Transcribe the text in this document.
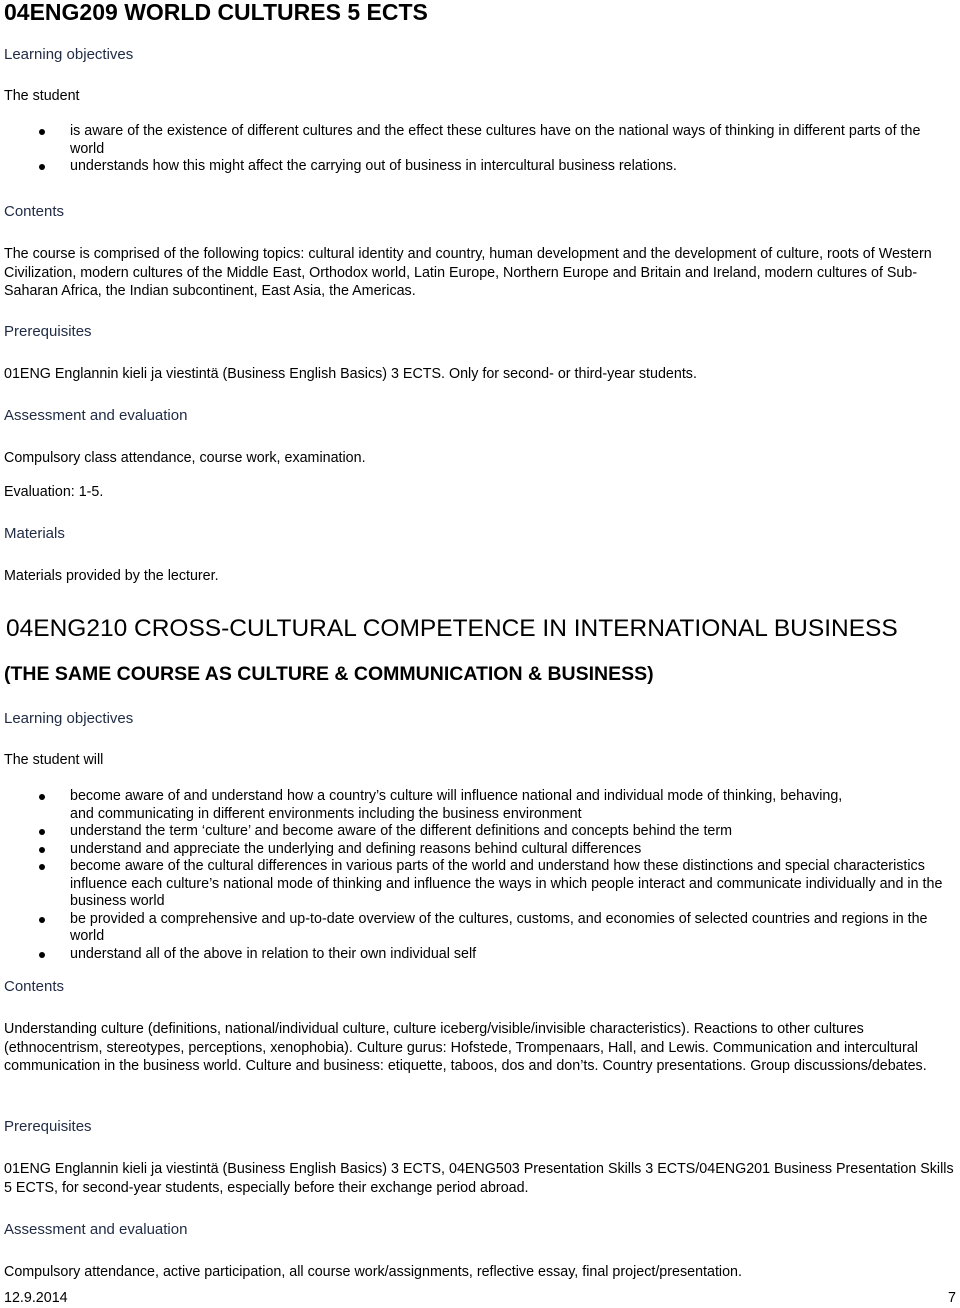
04ENG209 WORLD CULTURES 5 ECTS
Learning objectives
The student
is aware of the existence of different cultures and the effect these cultures have on the national ways of thinking in different parts of the world
understands how this might affect the carrying out of business in intercultural business relations.
Contents

The course is comprised of the following topics: cultural identity and country, human development and the development of culture, roots of Western Civilization, modern cultures of the Middle East, Orthodox world, Latin Europe, Northern Europe and Britain and Ireland, modern cultures of Sub-Saharan Africa, the Indian subcontinent, East Asia, the Americas.

Prerequisites
01ENG Englannin kieli ja viestintä (Business English Basics) 3 ECTS. Only for second- or third-year students.
Assessment and evaluation
Compulsory class attendance, course work, examination.
Evaluation: 1-5.
Materials
Materials provided by the lecturer.
04ENG210 CROSS-CULTURAL COMPETENCE IN INTERNATIONAL BUSINESS
(THE SAME COURSE AS CULTURE & COMMUNICATION & BUSINESS)
Learning objectives
The student will
become aware of and understand how a country’s culture will influence national and individual mode of thinking, behaving, and communicating in different environments including the business environment
understand the term ‘culture’ and become aware of the different definitions and concepts behind the term
understand and appreciate the underlying and defining reasons behind cultural differences
become aware of the cultural differences in various parts of the world and understand how these distinctions and special characteristics influence each culture’s national mode of thinking and influence the ways in which people interact and communicate individually and in the business world
be provided a comprehensive and up-to-date overview of the cultures, customs, and economies of selected countries and regions in the world
understand all of the above in relation to their own individual self
Contents

Understanding culture (definitions, national/individual culture, culture iceberg/visible/invisible characteristics). Reactions to other cultures (ethnocentrism, stereotypes, perceptions, xenophobia). Culture gurus: Hofstede, Trompenaars, Hall, and Lewis. Communication and intercultural communication in the business world. Culture and business: etiquette, taboos, dos and don’ts. Country presentations. Group discussions/debates.

Prerequisites

01ENG Englannin kieli ja viestintä (Business English Basics) 3 ECTS, 04ENG503 Presentation Skills 3 ECTS/04ENG201 Business Presentation Skills 5 ECTS, for second-year students, especially before their exchange period abroad.

Assessment and evaluation
Compulsory attendance, active participation, all course work/assignments, reflective essay, final project/presentation.
12.9.2014	7
